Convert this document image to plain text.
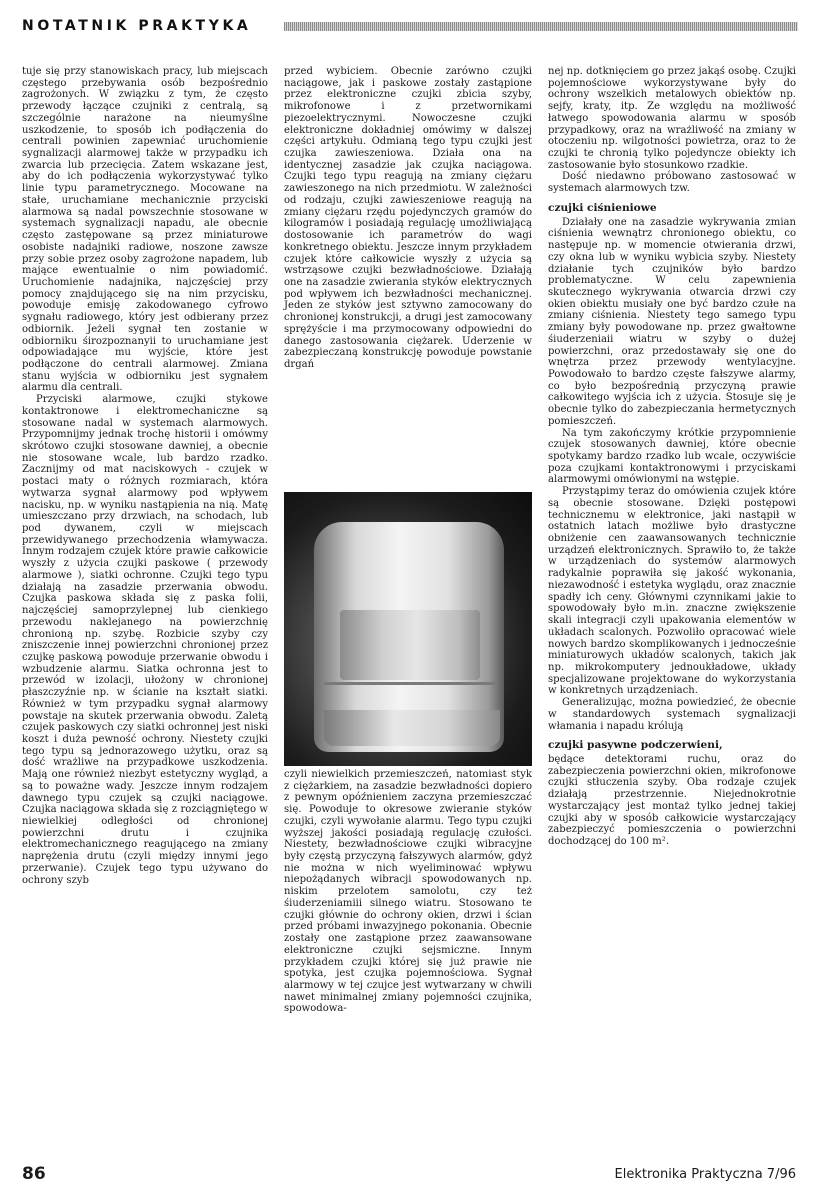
NOTATNIK PRAKTYKA

tuje się przy stanowiskach pracy, lub miejscach częstego przebywania osób bezpośrednio zagrożonych. W związku z tym, że często przewody łączące czujniki z centralą, są szczególnie narażone na nieumyślne uszkodzenie, to sposób ich podłączenia do centrali powinien zapewniać uruchomienie sygnalizacji alarmowej także w przypadku ich zwarcia lub przecięcia. Zatem wskazane jest, aby do ich podłączenia wykorzystywać tylko linie typu parametrycznego. Mocowane na stałe, uruchamiane mechanicznie przyciski alarmowa są nadal powszechnie stosowane w systemach sygnalizacji napadu, ale obecnie często zastępowane są przez miniaturowe osobiste nadajniki radiowe, noszone zawsze przy sobie przez osoby zagrożone napadem, lub mające ewentualnie o nim powiadomić. Uruchomienie nadajnika, najczęściej przy pomocy znajdującego się na nim przycisku, powoduje emisję zakodowanego cyfrowo sygnału radiowego, który jest odbierany przez odbiornik. Jeżeli sygnał ten zostanie w odbiorniku śirozpoznanyii to uruchamiane jest odpowiadające mu wyjście, które jest podłączone do centrali alarmowej. Zmiana stanu wyjścia w odbiorniku jest sygnałem alarmu dla centrali.

Przyciski alarmowe, czujki stykowe kontaktronowe i elektromechaniczne są stosowane nadal w systemach alarmowych. Przypomnijmy jednak trochę historii i omówmy skrótowo czujki stosowane dawniej, a obecnie nie stosowane wcale, lub bardzo rzadko. Zacznijmy od mat naciskowych - czujek w postaci maty o różnych rozmiarach, która wytwarza sygnał alarmowy pod wpływem nacisku, np. w wyniku nastąpienia na nią. Matę umieszczano przy drzwiach, na schodach, lub pod dywanem, czyli w miejscach przewidywanego przechodzenia włamywacza. Innym rodzajem czujek które prawie całkowicie wyszły z użycia czujki paskowe ( przewody alarmowe ), siatki ochronne. Czujki tego typu działają na zasadzie przerwania obwodu. Czujka paskowa składa się z paska folii, najczęściej samoprzylepnej lub cienkiego przewodu naklejanego na powierzchnię chronioną np. szybę. Rozbicie szyby czy zniszczenie innej powierzchni chronionej przez czujkę paskową powoduje przerwanie obwodu i wzbudzenie alarmu. Siatka ochronna jest to przewód w izolacji, ułożony w chronionej płaszczyźnie np. w ścianie na kształt siatki. Również w tym przypadku sygnał alarmowy powstaje na skutek przerwania obwodu. Zaletą czujek paskowych czy siatki ochronnej jest niski koszt i duża pewność ochrony. Niestety czujki tego typu są jednorazowego użytku, oraz są dość wrażliwe na przypadkowe uszkodzenia. Mają one również niezbyt estetyczny wygląd, a są to poważne wady. Jeszcze innym rodzajem dawnego typu czujek są czujki naciągowe. Czujka naciągowa składa się z rozciągniętego w niewielkiej odległości od chronionej powierzchni drutu i czujnika elektromechanicznego reagującego na zmiany naprężenia drutu (czyli między innymi jego przerwanie). Czujek tego typu używano do ochrony szyb

przed wybiciem. Obecnie zarówno czujki naciągowe, jak i paskowe zostały zastąpione przez elektroniczne czujki zbicia szyby, mikrofonowe i z przetwornikami piezoelektrycznymi. Nowoczesne czujki elektroniczne dokładniej omówimy w dalszej części artykułu. Odmianą tego typu czujki jest czujka zawieszeniowa. Działa ona na identycznej zasadzie jak czujka naciągowa. Czujki tego typu reagują na zmiany ciężaru zawieszonego na nich przedmiotu. W zależności od rodzaju, czujki zawieszeniowe reagują na zmiany ciężaru rzędu pojedynczych gramów do kilogramów i posiadają regulację umożliwiającą dostosowanie ich parametrów do wagi konkretnego obiektu. Jeszcze innym przykładem czujek które całkowicie wyszły z użycia są wstrząsowe czujki bezwładnościowe. Działają one na zasadzie zwierania styków elektrycznych pod wpływem ich bezwładności mechanicznej. Jeden ze styków jest sztywno zamocowany do chronionej konstrukcji, a drugi jest zamocowany sprężyście i ma przymocowany odpowiedni do danego zastosowania ciężarek. Uderzenie w zabezpieczaną konstrukcję powoduje powstanie drgań

czyli niewielkich przemieszczeń, natomiast styk z ciężarkiem, na zasadzie bezwładności dopiero z pewnym opóźnieniem zaczyna przemieszczać się. Powoduje to okresowe zwieranie styków czujki, czyli wywołanie alarmu. Tego typu czujki wyższej jakości posiadają regulację czułości. Niestety, bezwładnościowe czujki wibracyjne były częstą przyczyną fałszywych alarmów, gdyż nie można w nich wyeliminować wpływu niepożądanych wibracji spowodowanych np. niskim przelotem samolotu, czy też śiuderzeniamiii silnego wiatru. Stosowano te czujki głównie do ochrony okien, drzwi i ścian przed próbami inwazyjnego pokonania. Obecnie zostały one zastąpione przez zaawansowane elektroniczne czujki sejsmiczne. Innym przykładem czujki której się już prawie nie spotyka, jest czujka pojemnościowa. Sygnał alarmowy w tej czujce jest wytwarzany w chwili nawet minimalnej zmiany pojemności czujnika, spowodowa-

nej np. dotknięciem go przez jakąś osobę. Czujki pojemnościowe wykorzystywane były do ochrony wszelkich metalowych obiektów np. sejfy, kraty, itp. Ze względu na możliwość łatwego spowodowania alarmu w sposób przypadkowy, oraz na wrażliwość na zmiany w otoczeniu np. wilgotności powietrza, oraz to że czujki te chronią tylko pojedyncze obiekty ich zastosowanie było stosunkowo rzadkie.

Dość niedawno próbowano zastosować w systemach alarmowych tzw.

czujki ciśnieniowe

Działały one na zasadzie wykrywania zmian ciśnienia wewnątrz chronionego obiektu, co następuje np. w momencie otwierania drzwi, czy okna lub w wyniku wybicia szyby. Niestety działanie tych czujników było bardzo problematyczne. W celu zapewnienia skutecznego wykrywania otwarcia drzwi czy okien obiektu musiały one być bardzo czułe na zmiany ciśnienia. Niestety tego samego typu zmiany były powodowane np. przez gwałtowne śiuderzeniaii wiatru w szyby o dużej powierzchni, oraz przedostawały się one do wnętrza przez przewody wentylacyjne. Powodowało to bardzo częste fałszywe alarmy, co było bezpośrednią przyczyną prawie całkowitego wyjścia ich z użycia. Stosuje się je obecnie tylko do zabezpieczania hermetycznych pomieszczeń.

Na tym zakończymy krótkie przypomnienie czujek stosowanych dawniej, które obecnie spotykamy bardzo rzadko lub wcale, oczywiście poza czujkami kontaktronowymi i przyciskami alarmowymi omówionymi na wstępie.

Przystąpimy teraz do omówienia czujek które są obecnie stosowane. Dzięki postępowi technicznemu w elektronice, jaki nastąpił w ostatnich latach możliwe było drastyczne obniżenie cen zaawansowanych technicznie urządzeń elektronicznych. Sprawiło to, że także w urządzeniach do systemów alarmowych radykalnie poprawiła się jakość wykonania, niezawodność i estetyka wyglądu, oraz znacznie spadły ich ceny. Głównymi czynnikami jakie to spowodowały było m.in. znaczne zwiększenie skali integracji czyli upakowania elementów w układach scalonych. Pozwoliło opracować wiele nowych bardzo skomplikowanych i jednocześnie miniaturowych układów scalonych, takich jak np. mikrokomputery jednoukładowe, układy specjalizowane projektowane do wykorzystania w konkretnych urządzeniach.

Generalizując, można powiedzieć, że obecnie w standardowych systemach sygnalizacji włamania i napadu królują

czujki pasywne podczerwieni,

będące detektorami ruchu, oraz do zabezpieczenia powierzchni okien, mikrofonowe czujki stłuczenia szyby. Oba rodzaje czujek działają przestrzennie. Niejednokrotnie wystarczający jest montaż tylko jednej takiej czujki aby w sposób całkowicie wystarczający zabezpieczyć pomieszczenia o powierzchni dochodzącej do 100 m².

86	Elektronika Praktyczna 7/96
